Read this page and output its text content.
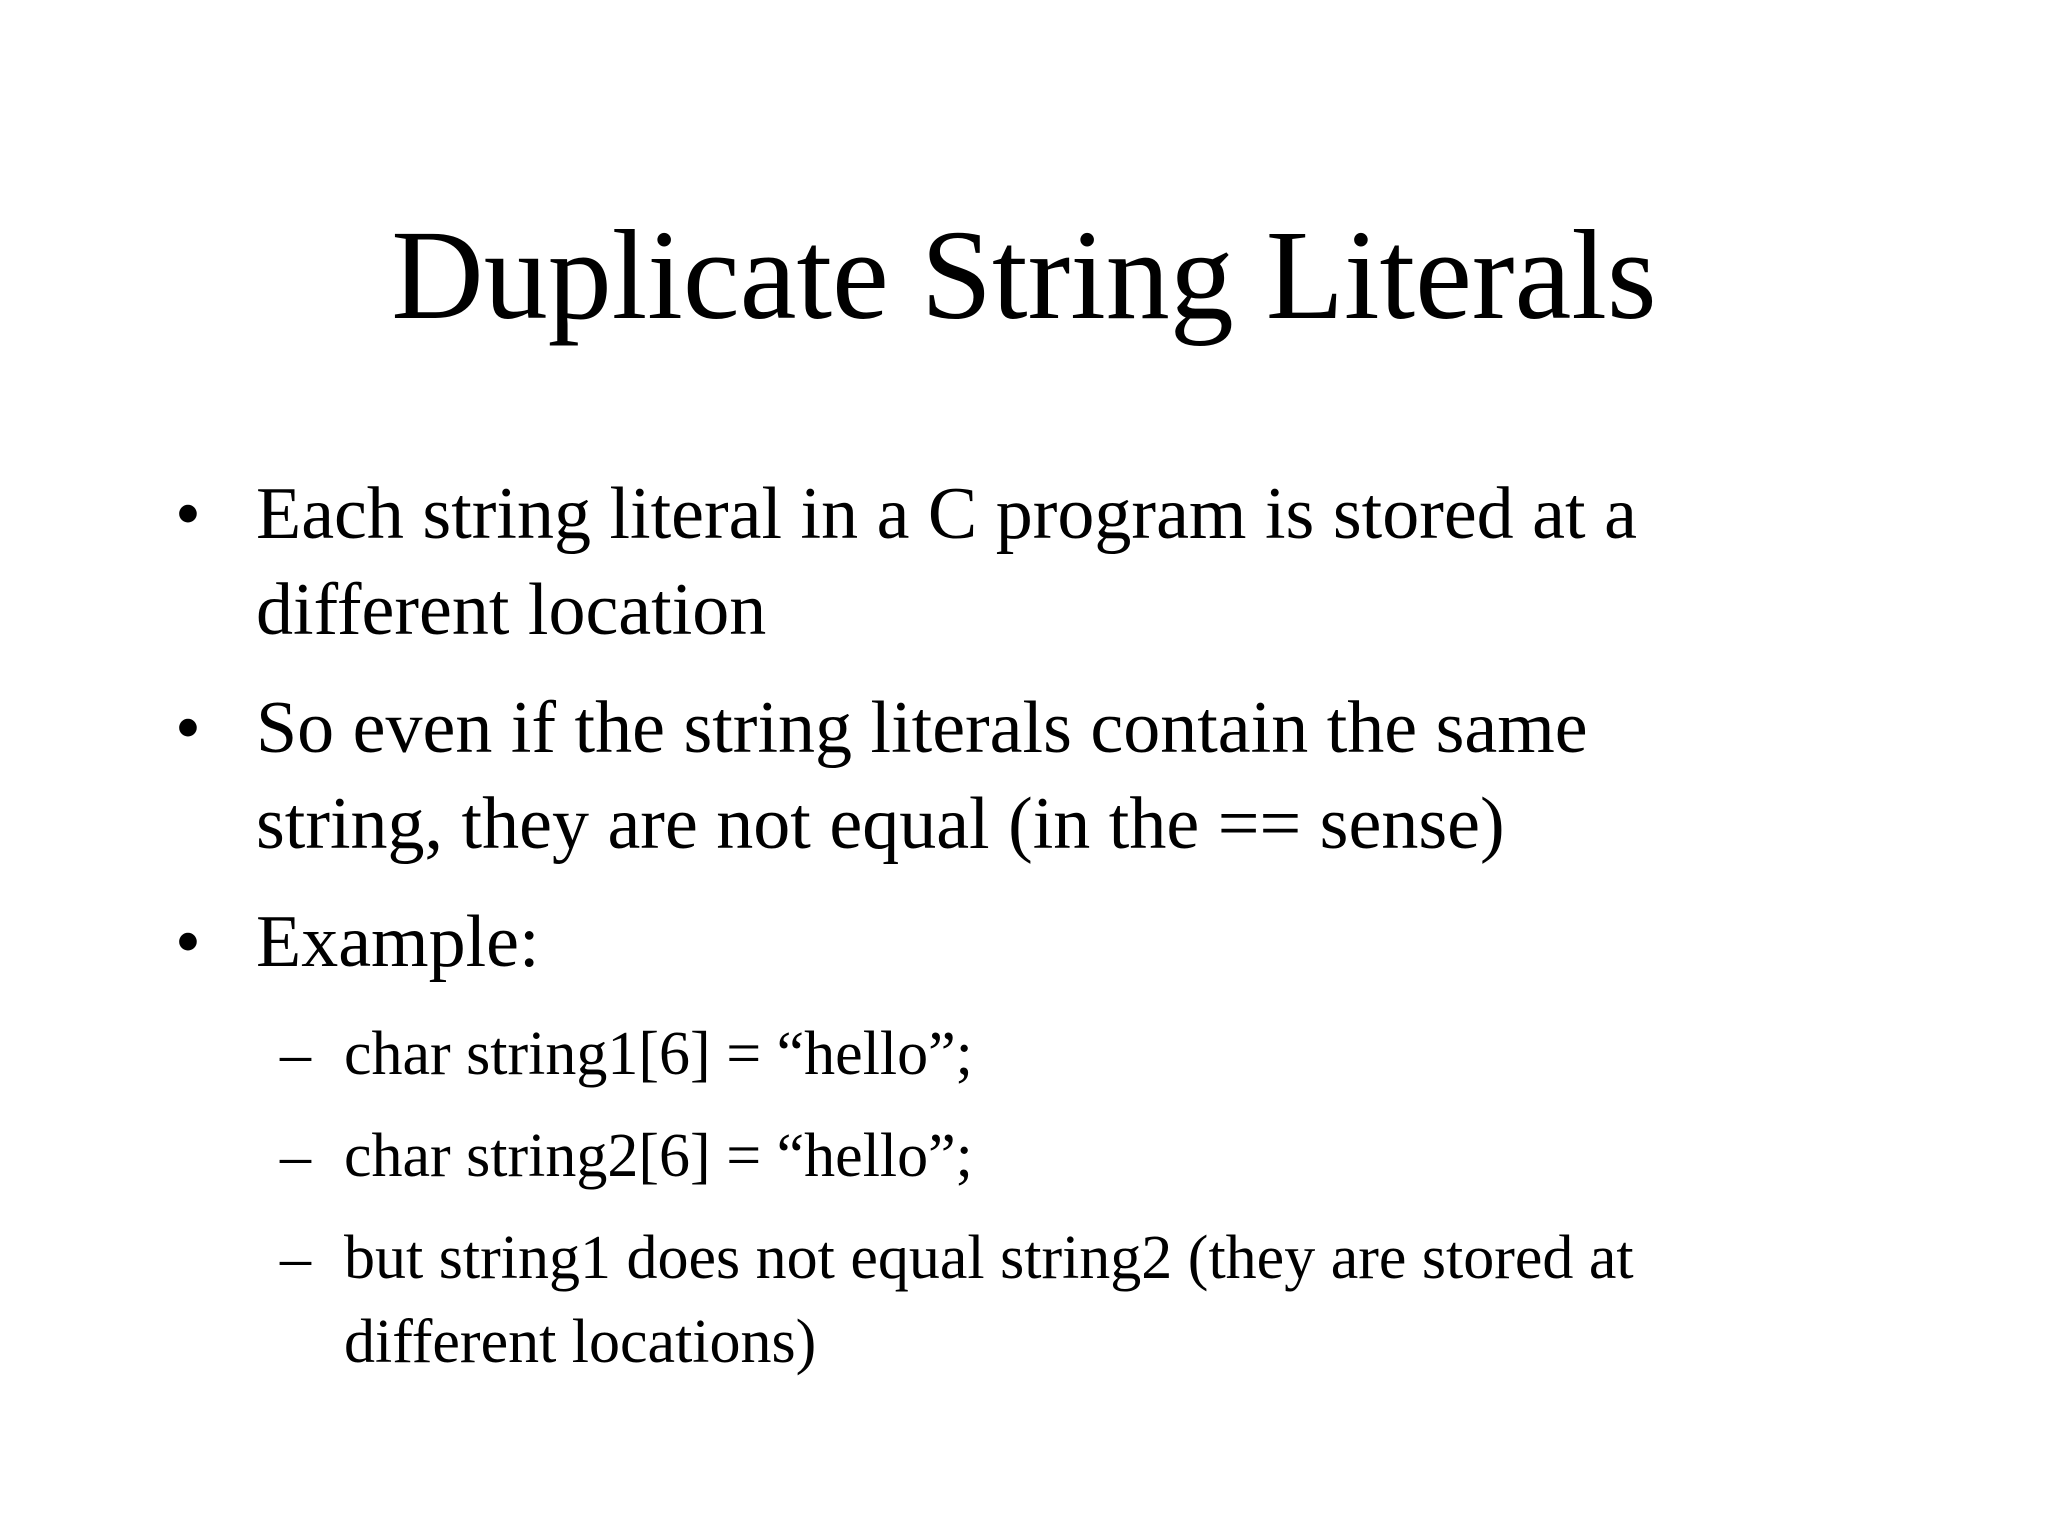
Duplicate String Literals
• Each string literal in a C program is stored at a
different location
• So even if the string literals contain the same
string, they are not equal (in the == sense)
• Example:
– char string1[6] = “hello”;
– char string2[6] = “hello”;
– but string1 does not equal string2 (they are stored at
different locations)
